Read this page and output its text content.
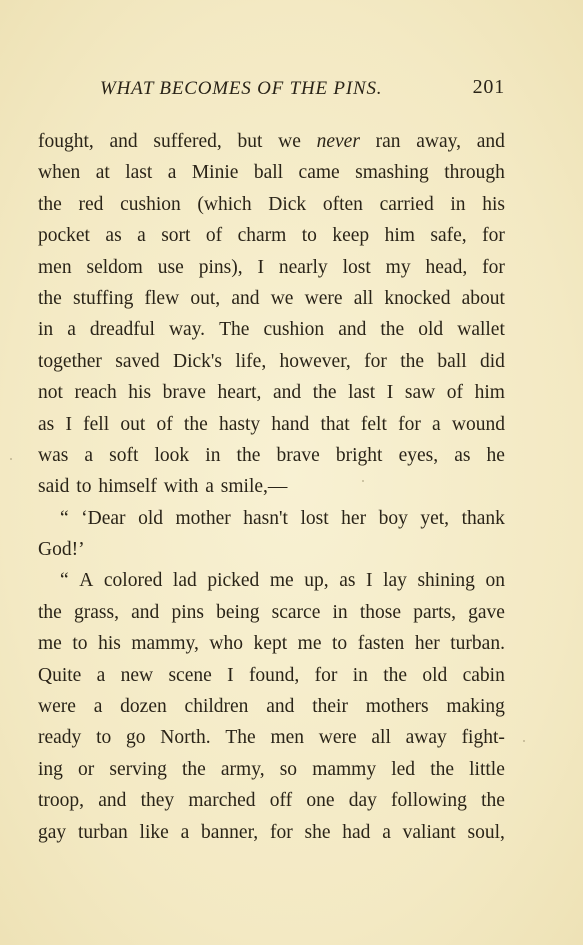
WHAT BECOMES OF THE PINS.	201
fought, and suffered, but we never ran away, and
when at last a Minie ball came smashing through
the red cushion (which Dick often carried in his
pocket as a sort of charm to keep him safe, for
men seldom use pins), I nearly lost my head, for
the stuffing flew out, and we were all knocked about
in a dreadful way. The cushion and the old wallet
together saved Dick's life, however, for the ball did
not reach his brave heart, and the last I saw of him
as I fell out of the hasty hand that felt for a wound
was a soft look in the brave bright eyes, as he
said
to
himself
with
a
smile,—
“ ‘Dear old mother hasn't lost her boy yet, thank
God!’
“ A colored lad picked me up, as I lay shining on
the grass, and pins being scarce in those parts, gave
me to his mammy, who kept me to fasten her turban.
Quite a new scene I found, for in the old cabin
were a dozen children and their mothers making
ready to go North. The men were all away fight-
ing or serving the army, so mammy led the little
troop, and they marched off one day following the
gay turban like a banner, for she had a valiant soul,
